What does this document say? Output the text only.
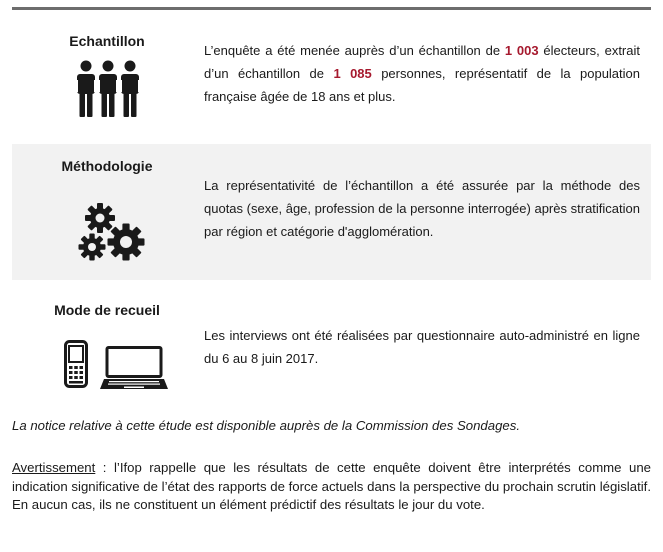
Echantillon
L’enquête a été menée auprès d’un échantillon de 1 003 électeurs, extrait d’un échantillon de 1 085 personnes, représentatif de la population française âgée de 18 ans et plus.
Méthodologie
La représentativité de l’échantillon a été assurée par la méthode des quotas (sexe, âge, profession de la personne interrogée) après stratification par région et catégorie d'agglomération.
Mode de recueil
Les interviews ont été réalisées par questionnaire auto-administré en ligne du 6 au 8 juin 2017.
La notice relative à cette étude est disponible auprès de la Commission des Sondages.
Avertissement : l’Ifop rappelle que les résultats de cette enquête doivent être interprétés comme une indication significative de l’état des rapports de force actuels dans la perspective du prochain scrutin législatif. En aucun cas, ils ne constituent un élément prédictif des résultats le jour du vote.
